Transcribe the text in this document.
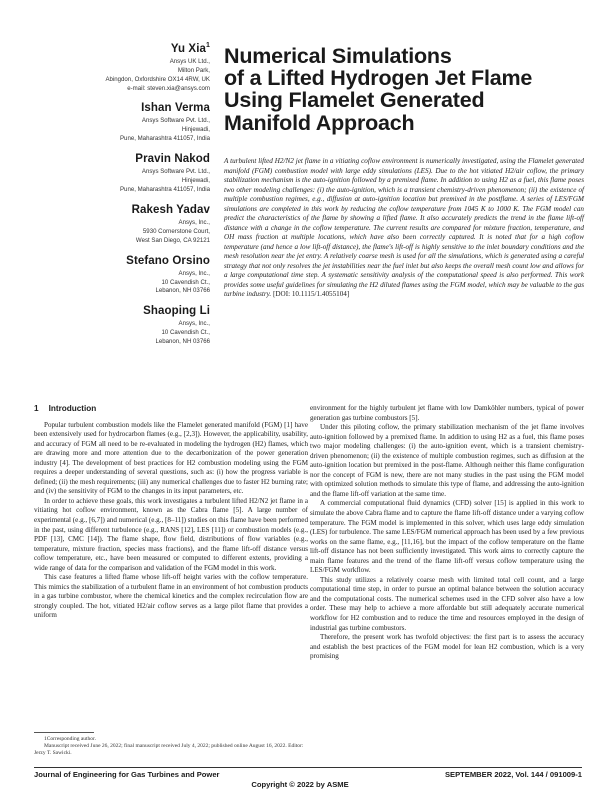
Yu Xia$^1$
Ansys UK Ltd.,
Milton Park,
Abingdon, Oxfordshire OX14 4RW, UK
e-mail: steven.xia@ansys.com
Ishan Verma
Ansys Software Pvt. Ltd.,
Hinjewadi,
Pune, Maharashtra 411057, India
Pravin Nakod
Ansys Software Pvt. Ltd.,
Hinjewadi,
Pune, Maharashtra 411057, India
Rakesh Yadav
Ansys, Inc.,
5930 Cornerstone Court,
West San Diego, CA 92121
Stefano Orsino
Ansys, Inc.,
10 Cavendish Ct.,
Lebanon, NH 03766
Shaoping Li
Ansys, Inc.,
10 Cavendish Ct.,
Lebanon, NH 03766
Numerical Simulations
of a Lifted Hydrogen Jet Flame
Using Flamelet Generated
Manifold Approach
A turbulent lifted H2/N2 jet flame in a vitiating coflow environment is numerically investigated, using the Flamelet generated manifold (FGM) combustion model with large eddy simulations (LES). Due to the hot vitiated H2/air coflow, the primary stabilization mechanism is the auto-ignition followed by a premixed flame. In addition to using H2 as a fuel, this flame poses two other modeling challenges: (i) the auto-ignition, which is a transient chemistry-driven phenomenon; (ii) the existence of multiple combustion regimes, e.g., diffusion at auto-ignition location but premixed in the postflame. A series of LES/FGM simulations are completed in this work by reducing the coflow temperature from 1045 K to 1000 K. The FGM model can predict the characteristics of the flame by showing a lifted flame. It also accurately predicts the trend in the flame lift-off distance with a change in the coflow temperature. The current results are compared for mixture fraction, temperature, and OH mass fraction at multiple locations, which have also been correctly captured. It is noted that for a high coflow temperature (and hence a low lift-off distance), the flame's lift-off is highly sensitive to the inlet boundary conditions and the mesh resolution near the jet entry. A relatively coarse mesh is used for all the simulations, which is generated using a careful strategy that not only resolves the jet instabilities near the fuel inlet but also keeps the overall mesh count low and allows for a large computational time step. A systematic sensitivity analysis of the computational speed is also performed. This work provides some useful guidelines for simulating the H2 diluted flames using the FGM model, which may be valuable to the gas turbine industry. [DOI: 10.1115/1.4055104]
1 Introduction

Popular turbulent combustion models like the Flamelet generated manifold (FGM) [1] have been extensively used for hydrocarbon flames (e.g., [2,3]). However, the applicability, usability, and accuracy of FGM all need to be re-evaluated in modeling the hydrogen (H2) flames, which are drawing more and more attention due to the decarbonization of the power generation industry [4]. The development of best practices for H2 combustion modeling using the FGM requires a deeper understanding of several questions, such as: (i) how the progress variable is defined; (ii) the mesh requirements; (iii) any numerical challenges due to faster H2 burning rate; and (iv) the sensitivity of FGM to the changes in its input parameters, etc.

In order to achieve these goals, this work investigates a turbulent lifted H2/N2 jet flame in a vitiating hot coflow environment, known as the Cabra flame [5]. A large number of experimental (e.g., [6,7]) and numerical (e.g., [8–11]) studies on this flame have been performed in the past, using different turbulence (e.g., RANS [12], LES [11]) or combustion models (e.g., PDF [13], CMC [14]). The flame shape, flow field, distributions of flow variables (e.g., temperature, mixture fraction, species mass fractions), and the flame lift-off distance versus coflow temperature, etc., have been measured or computed to different extents, providing a wide range of data for the comparison and validation of the FGM model in this work.

This case features a lifted flame whose lift-off height varies with the coflow temperature. This mimics the stabilization of a turbulent flame in an environment of hot combustion products in a gas turbine combustor, where the chemical kinetics and the complex recirculation flow are strongly coupled. The hot, vitiated H2/air coflow serves as a large pilot flame that provides a uniform

environment for the highly turbulent jet flame with low Damköhler numbers, typical of power generation gas turbine combustors [5].

Under this piloting coflow, the primary stabilization mechanism of the jet flame involves auto-ignition followed by a premixed flame. In addition to using H2 as a fuel, this flame poses two major modeling challenges: (i) the auto-ignition event, which is a transient chemistry-driven phenomenon; (ii) the existence of multiple combustion regimes, such as diffusion at the auto-ignition location but premixed in the post-flame. Although neither this flame configuration nor the concept of FGM is new, there are not many studies in the past using the FGM model with optimized solution methods to simulate this type of flame, and addressing the auto-ignition and the flame lift-off variation at the same time.

A commercial computational fluid dynamics (CFD) solver [15] is applied in this work to simulate the above Cabra flame and to capture the flame lift-off distance under a varying coflow temperature. The FGM model is implemented in this solver, which uses large eddy simulation (LES) for turbulence. The same LES/FGM numerical approach has been used by a few previous works on the same flame, e.g., [11,16], but the impact of the coflow temperature on the flame lift-off distance has not been sufficiently investigated. This work aims to correctly capture the main flame features and the trend of the flame lift-off versus coflow temperature using the LES/FGM workflow.

This study utilizes a relatively coarse mesh with limited total cell count, and a large computational time step, in order to pursue an optimal balance between the solution accuracy and the computational costs. The numerical schemes used in the CFD solver also have a low order. These may help to achieve a more affordable but still adequately accurate numerical workflow for H2 combustion and to reduce the time and resources employed in the design of industrial gas turbine combustors.

Therefore, the present work has twofold objectives: the first part is to assess the accuracy and establish the best practices of the FGM model for lean H2 combustion, which is a very promising

1Corresponding author.

Manuscript received June 26, 2022; final manuscript received July 4, 2022; published online August 16, 2022. Editor: Jerzy T. Sawicki.

Journal of Engineering for Gas Turbines and Power	SEPTEMBER 2022, Vol. 144 / 091009-1
Copyright © 2022 by ASME
